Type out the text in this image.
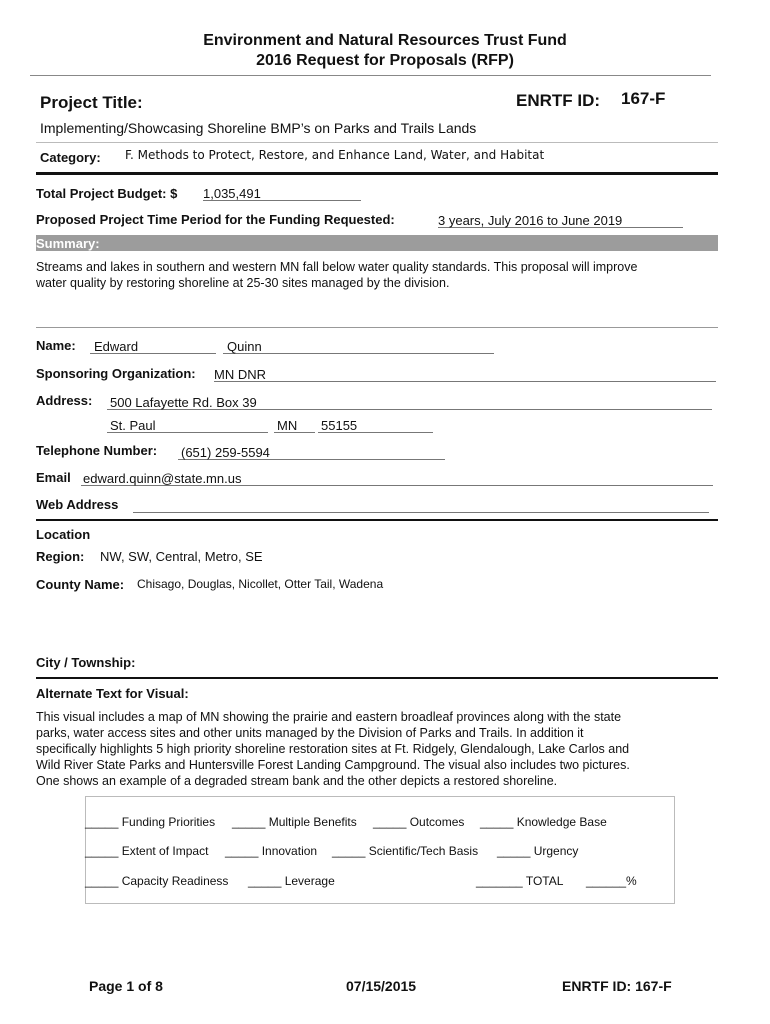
Environment and Natural Resources Trust Fund
2016 Request for Proposals (RFP)
Project Title:	ENRTF ID: 167-F
Implementing/Showcasing Shoreline BMP’s on Parks and Trails Lands
Category: F. Methods to Protect, Restore, and Enhance Land, Water, and Habitat
Total Project Budget: $ 1,035,491
Proposed Project Time Period for the Funding Requested:	3 years, July 2016 to June 2019
Summary:
Streams and lakes in southern and western MN fall below water quality standards. This proposal will improve
water quality by restoring shoreline at 25-30 sites managed by the division.
Name:	Edward	Quinn
Sponsoring Organization: MN DNR
Address: 500 Lafayette Rd. Box 39
St. Paul	MN	55155
Telephone Number: (651) 259-5594
Email edward.quinn@state.mn.us
Web Address
Location
Region: NW, SW, Central, Metro, SE
County Name: Chisago, Douglas, Nicollet, Otter Tail, Wadena
City / Township:
Alternate Text for Visual:
This visual includes a map of MN showing the prairie and eastern broadleaf provinces along with the state
parks, water access sites and other units managed by the Division of Parks and Trails. In addition it
specifically highlights 5 high priority shoreline restoration sites at Ft. Ridgely, Glendalough, Lake Carlos and
Wild River State Parks and Huntersville Forest Landing Campground. The visual also includes two pictures.
One shows an example of a degraded stream bank and the other depicts a restored shoreline.
_____ Funding Priorities _____ Multiple Benefits _____ Outcomes _____ Knowledge Base
_____ Extent of Impact _____ Innovation _____ Scientific/Tech Basis _____ Urgency
_____ Capacity Readiness _____ Leverage	_______ TOTAL ______%
Page 1 of 8	07/15/2015	ENRTF ID: 167-F
